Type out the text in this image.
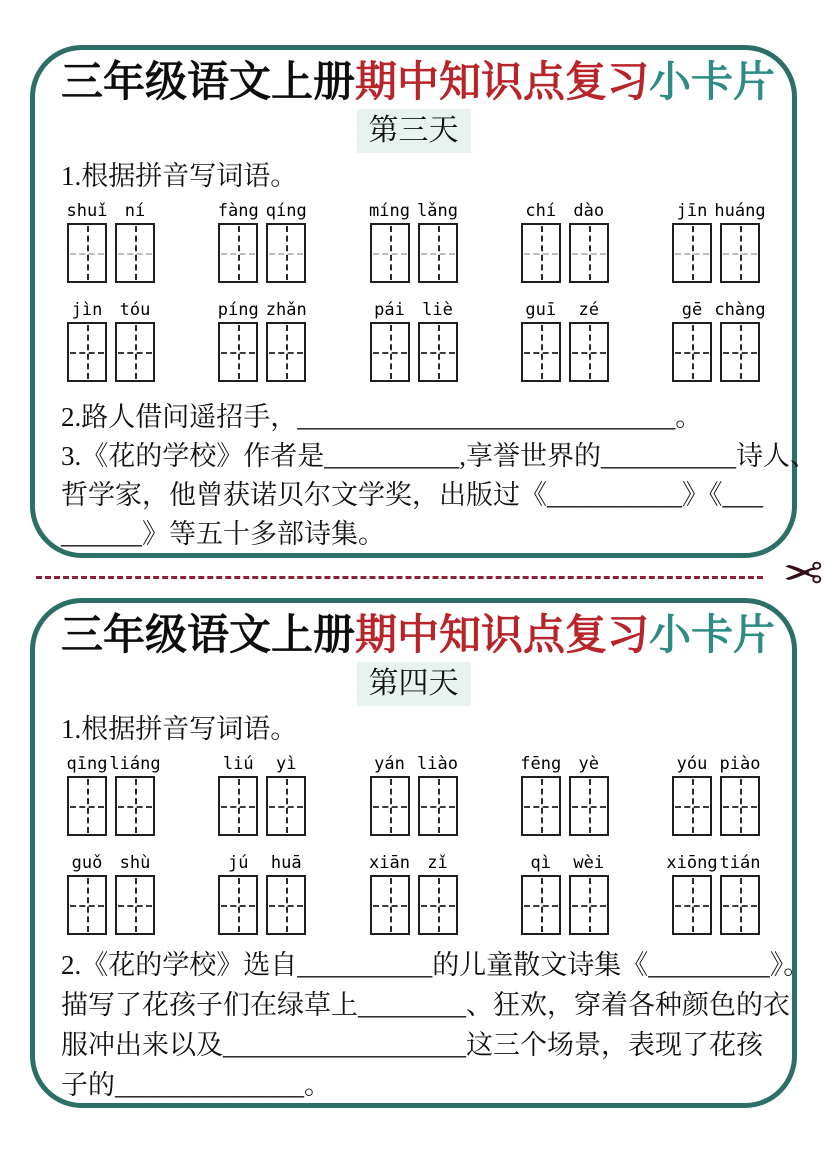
三年级语文上册期中知识点复习小卡片
第三天

1.根据拼音写词语。

shuǐ ní	fàng qíng	míng lǎng	chí dào	jīn huáng
jìn tóu	píng zhǎn	pái liè	guī zé	gē chàng

2.路人借问遥招手，____________________________。

3.《花的学校》作者是__________,享誉世界的__________诗人、
哲学家，他曾获诺贝尔文学奖，出版过《__________》《___
______》等五十多部诗集。
✂
三年级语文上册期中知识点复习小卡片
第四天

1.根据拼音写词语。

qīng liáng	liú yì	yán liào	fēng yè	yóu piào
guǒ shù	jú huā	xiān zǐ	qì wèi	xiōng tián
2.《花的学校》选自__________的儿童散文诗集《_________》。
描写了花孩子们在绿草上________、狂欢，穿着各种颜色的衣
服冲出来以及__________________这三个场景，表现了花孩
子的______________。
